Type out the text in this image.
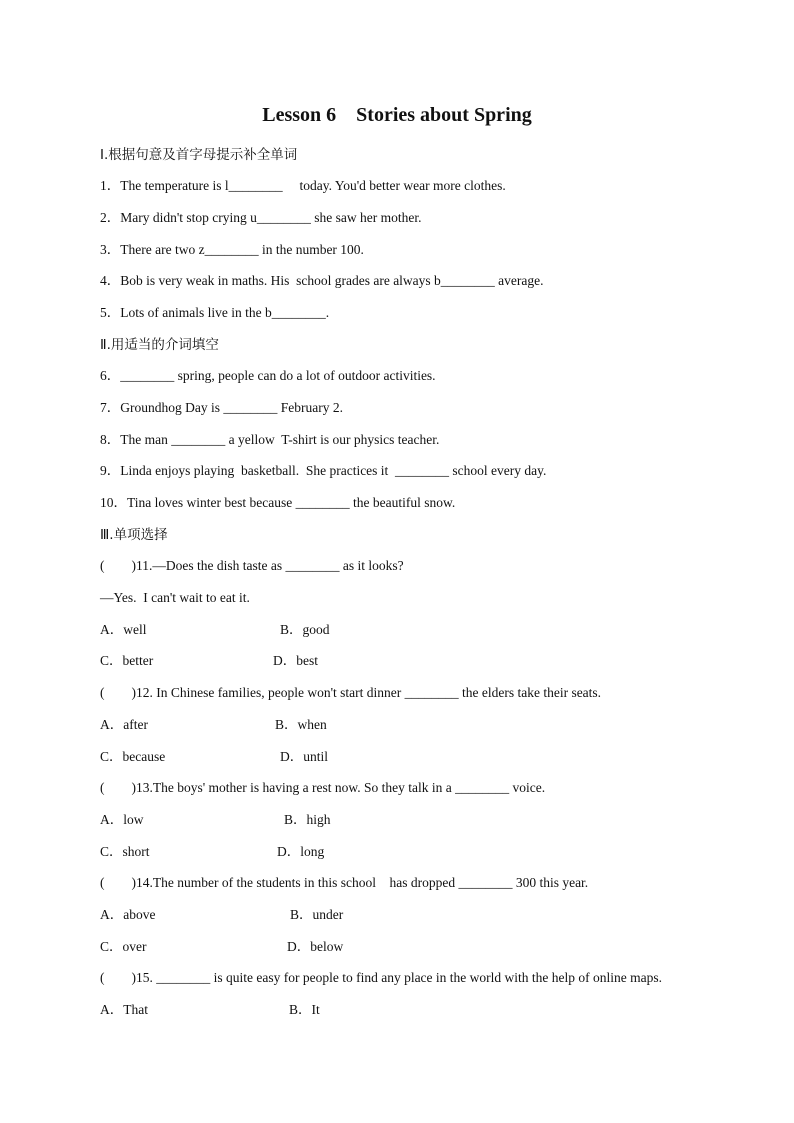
Lesson 6    Stories about Spring
Ⅰ.根据句意及首字母提示补全单词
1．The temperature is l________     today. You'd better wear more clothes.
2．Mary didn't stop crying u________ she saw her mother.
3．There are two z________ in the number 100.
4．Bob is very weak in maths. His  school grades are always b________ average.
5．Lots of animals live in the b________.
Ⅱ.用适当的介词填空
6．________ spring, people can do a lot of outdoor activities.
7．Groundhog Day is ________ February 2.
8．The man ________ a yellow  T-shirt is our physics teacher.
9．Linda enjoys playing  basketball.  She practices it  ________ school every day.
10．Tina loves winter best because ________ the beautiful snow.
Ⅲ.单项选择
(        )11.—Does the dish taste as ________ as it looks?
—Yes.  I can't wait to eat it.
A．well	B．good
C．better	D．best
(        )12. In Chinese families, people won't start dinner ________ the elders take their seats.
A．after	B．when
C．because	D．until
(        )13.The boys' mother is having a rest now. So they talk in a ________ voice.
A．low	B．high
C．short	D．long
(        )14.The number of the students in this school    has dropped ________ 300 this year.
A．above	B．under
C．over	D．below
(        )15. ________ is quite easy for people to find any place in the world with the help of online maps.
A．That	B．It
